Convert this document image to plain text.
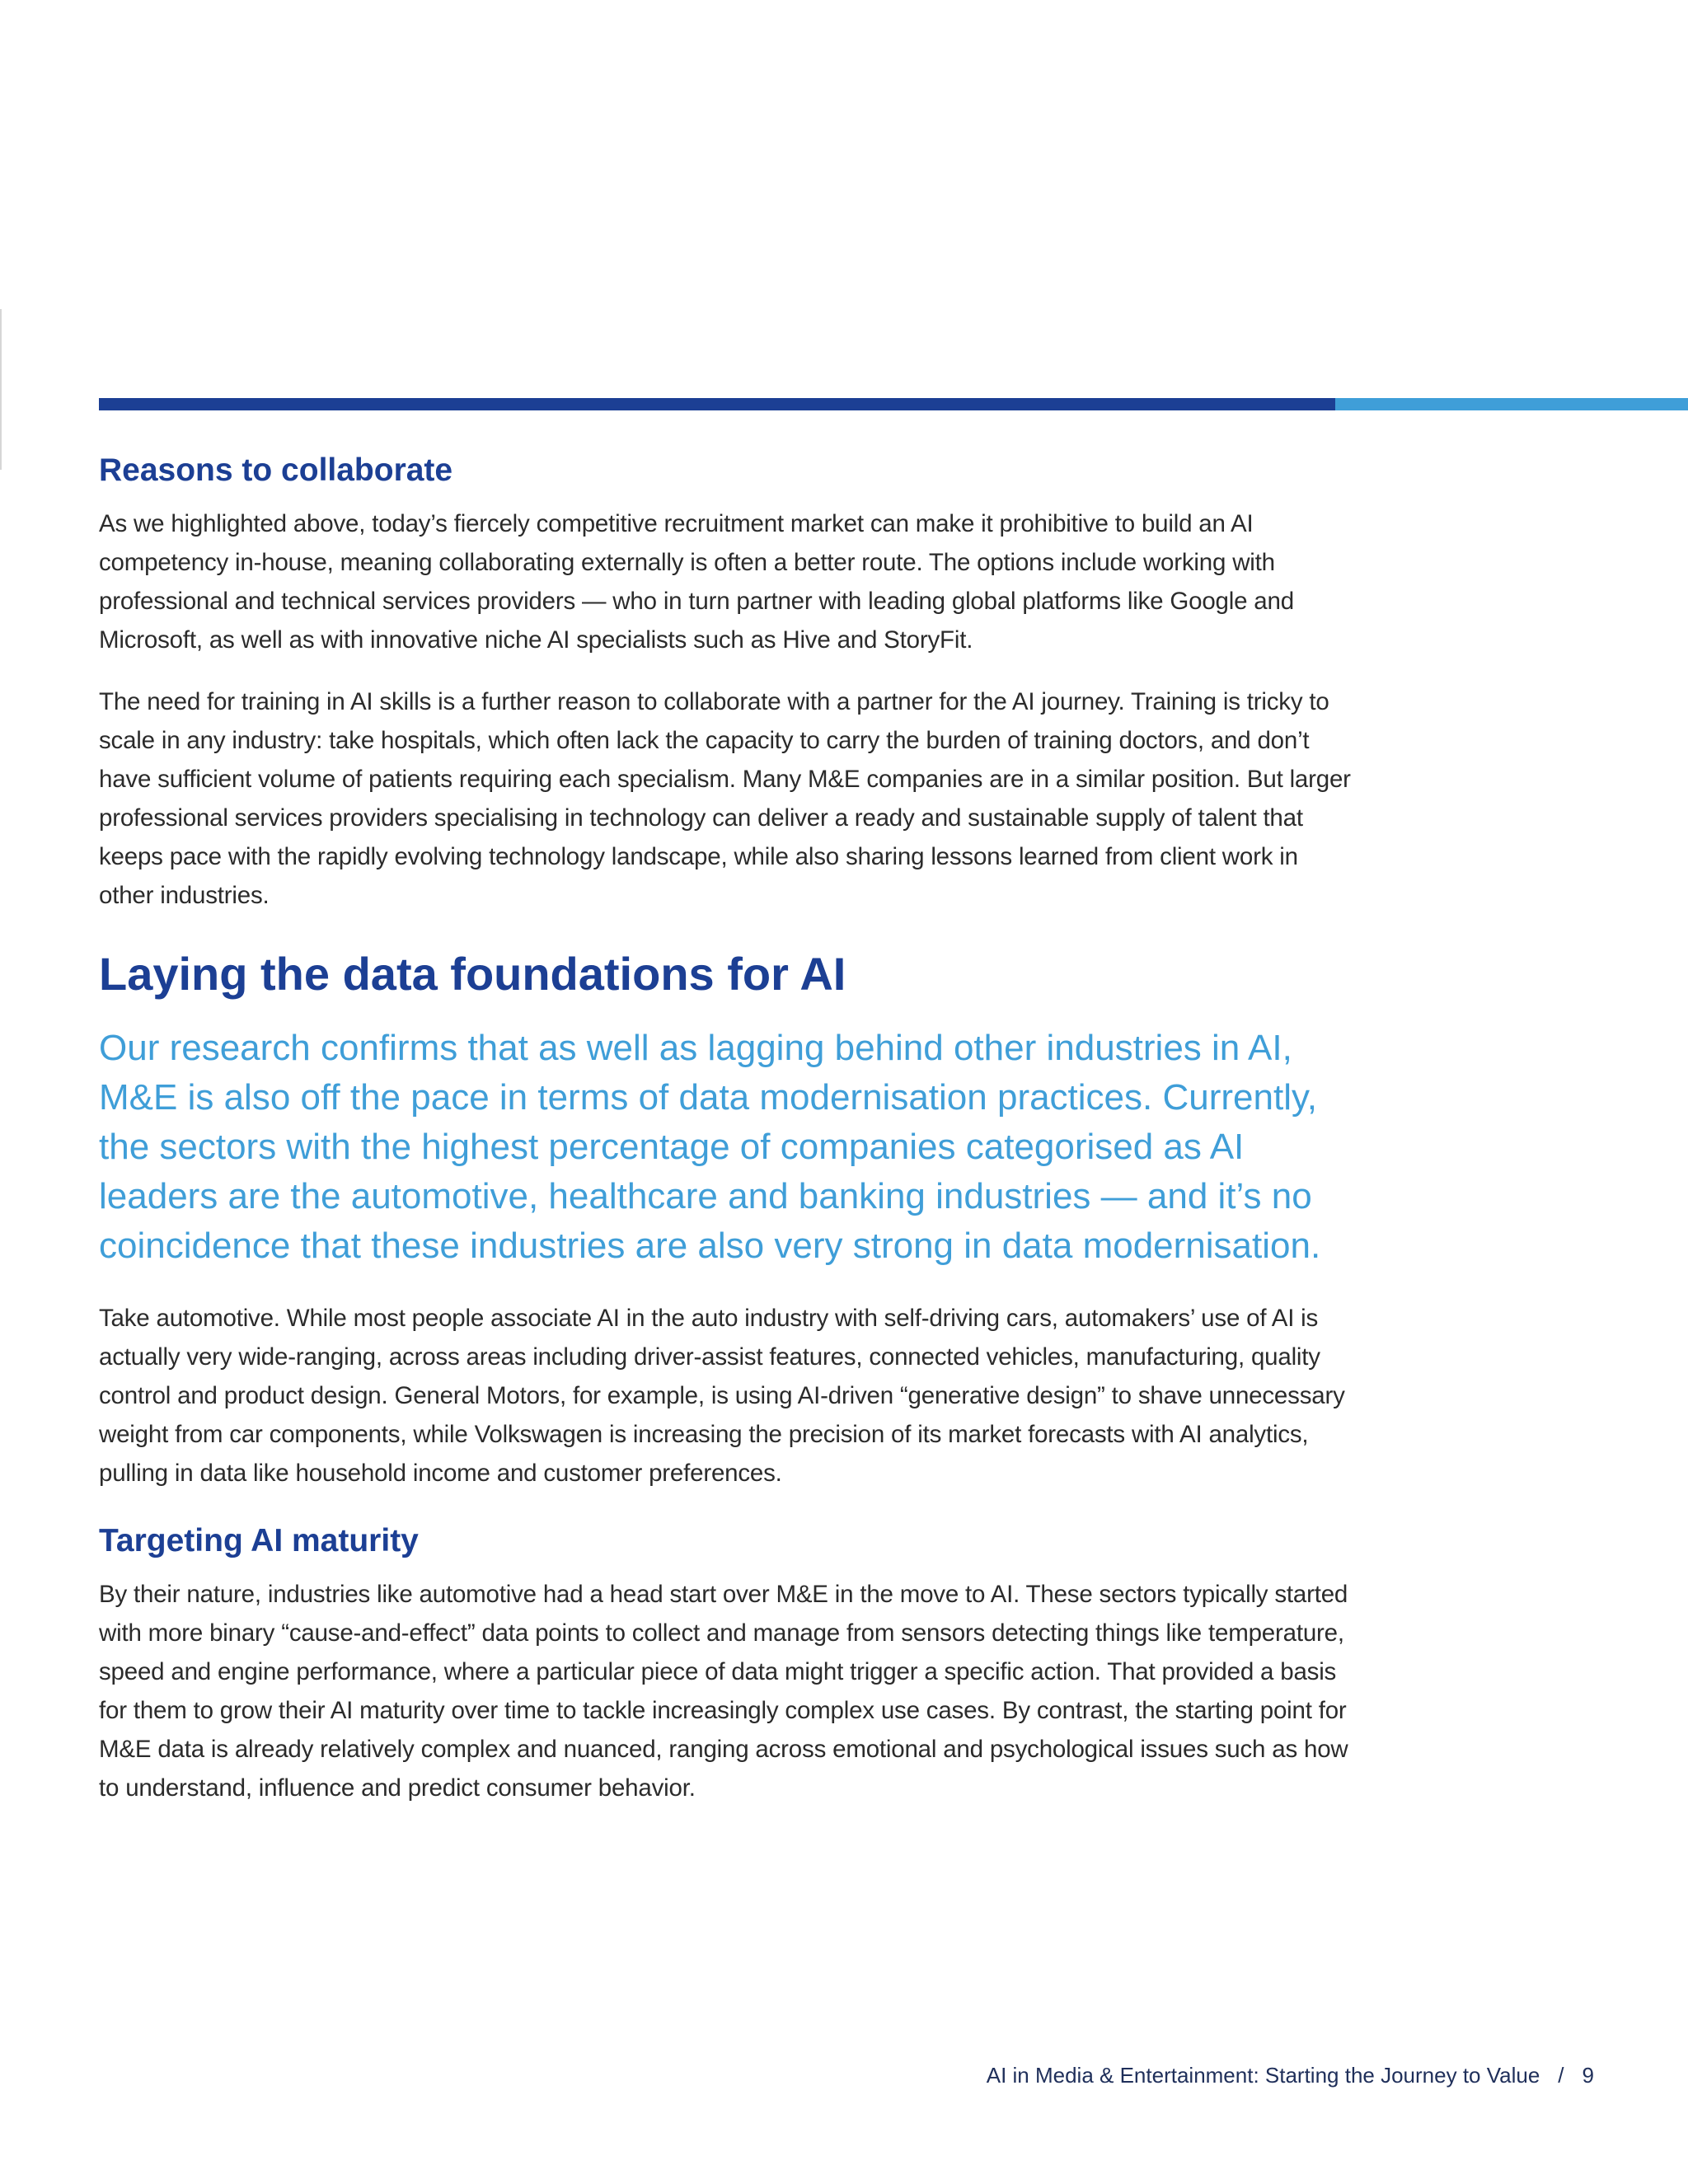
Reasons to collaborate

As we highlighted above, today’s fiercely competitive recruitment market can make it prohibitive to build an AI competency in-house, meaning collaborating externally is often a better route. The options include working with professional and technical services providers — who in turn partner with leading global platforms like Google and Microsoft, as well as with innovative niche AI specialists such as Hive and StoryFit.

The need for training in AI skills is a further reason to collaborate with a partner for the AI journey. Training is tricky to scale in any industry: take hospitals, which often lack the capacity to carry the burden of training doctors, and don’t have sufficient volume of patients requiring each specialism. Many M&E companies are in a similar position. But larger professional services providers specialising in technology can deliver a ready and sustainable supply of talent that keeps pace with the rapidly evolving technology landscape, while also sharing lessons learned from client work in other industries.

Laying the data foundations for AI

Our research confirms that as well as lagging behind other industries in AI, M&E is also off the pace in terms of data modernisation practices. Currently, the sectors with the highest percentage of companies categorised as AI leaders are the automotive, healthcare and banking industries — and it’s no coincidence that these industries are also very strong in data modernisation.

Take automotive. While most people associate AI in the auto industry with self-driving cars, automakers’ use of AI is actually very wide-ranging, across areas including driver-assist features, connected vehicles, manufacturing, quality control and product design. General Motors, for example, is using AI-driven “generative design” to shave unnecessary weight from car components, while Volkswagen is increasing the precision of its market forecasts with AI analytics, pulling in data like household income and customer preferences.

Targeting AI maturity

By their nature, industries like automotive had a head start over M&E in the move to AI. These sectors typically started with more binary “cause-and-effect” data points to collect and manage from sensors detecting things like temperature, speed and engine performance, where a particular piece of data might trigger a specific action. That provided a basis for them to grow their AI maturity over time to tackle increasingly complex use cases. By contrast, the starting point for M&E data is already relatively complex and nuanced, ranging across emotional and psychological issues such as how to understand, influence and predict consumer behavior.

AI in Media & Entertainment: Starting the Journey to Value / 9
